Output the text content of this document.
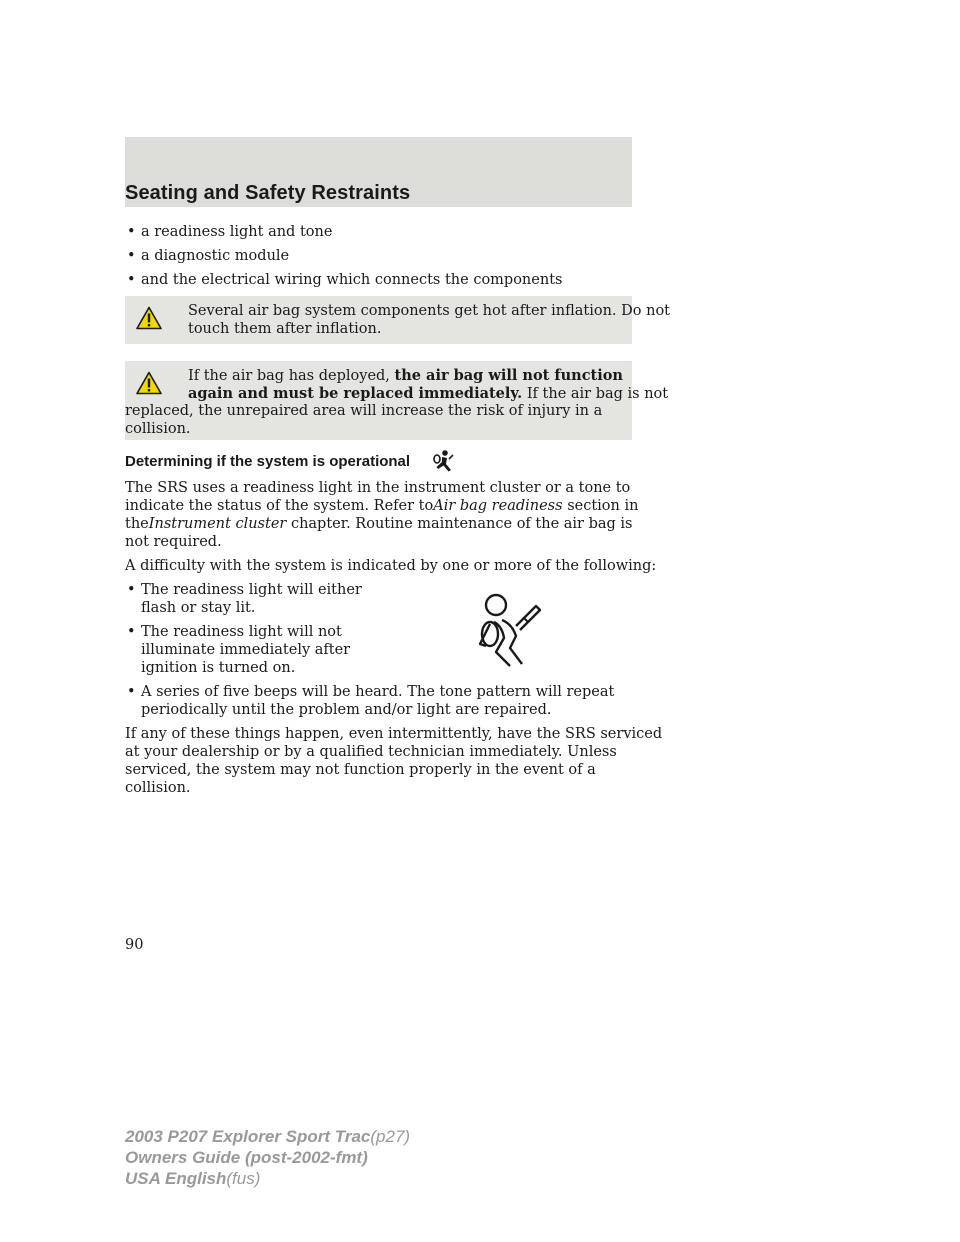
Seating and Safety Restraints
• a readiness light and tone
• a diagnostic module
• and the electrical wiring which connects the components
Several air bag system components get hot after inflation. Do not
touch them after inflation.
If the air bag has deployed, the air bag will not function
again and must be replaced immediately. If the air bag is not
replaced, the unrepaired area will increase the risk of injury in a
collision.
Determining if the system is operational
The SRS uses a readiness light in the instrument cluster or a tone to
indicate the status of the system. Refer toAir bag readiness section in
theInstrument cluster chapter. Routine maintenance of the air bag is
not required.
A difficulty with the system is indicated by one or more of the following:
• The readiness light will either
flash or stay lit.
• The readiness light will not
illuminate immediately after
ignition is turned on.
• A series of five beeps will be heard. The tone pattern will repeat
periodically until the problem and/or light are repaired.
If any of these things happen, even intermittently, have the SRS serviced
at your dealership or by a qualified technician immediately. Unless
serviced, the system may not function properly in the event of a
collision.
90
2003 P207 Explorer Sport Trac(p27)
Owners Guide (post-2002-fmt)
USA English(fus)
